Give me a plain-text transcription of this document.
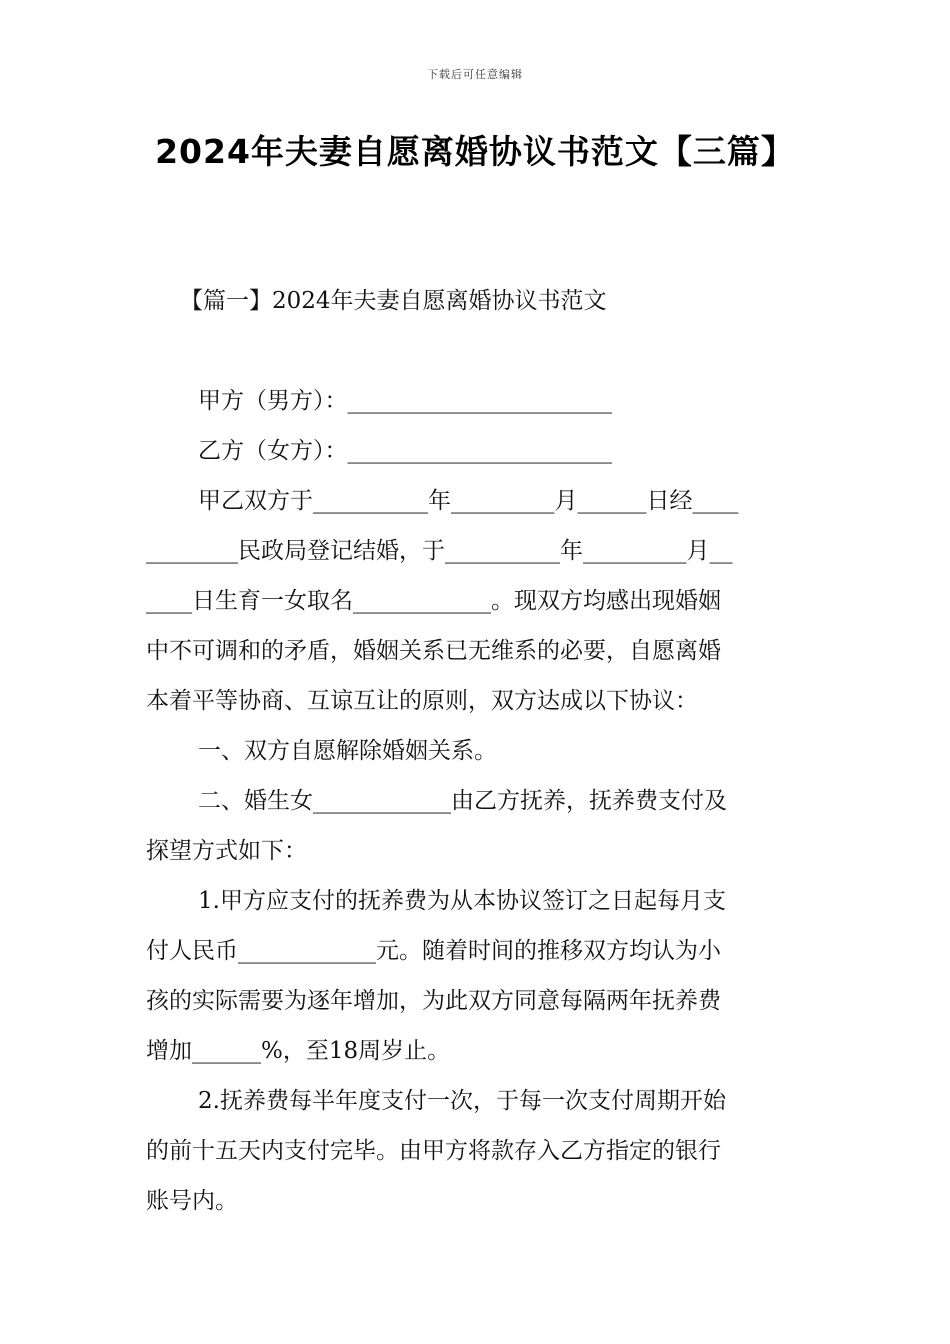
下载后可任意编辑
2024年夫妻自愿离婚协议书范文【三篇】
【篇一】2024年夫妻自愿离婚协议书范文
甲方（男方）：_______________________
乙方（女方）：_______________________
甲乙双方于__________年_________月______日经____
________民政局登记结婚，于__________年_________月__
____日生育一女取名____________。现双方均感出现婚姻
中不可调和的矛盾，婚姻关系已无维系的必要，自愿离婚
本着平等协商、互谅互让的原则，双方达成以下协议：
一、双方自愿解除婚姻关系。
二、婚生女____________由乙方抚养，抚养费支付及
探望方式如下：
1.甲方应支付的抚养费为从本协议签订之日起每月支
付人民币____________元。随着时间的推移双方均认为小
孩的实际需要为逐年增加，为此双方同意每隔两年抚养费
增加______%，至18周岁止。
2.抚养费每半年度支付一次，于每一次支付周期开始
的前十五天内支付完毕。由甲方将款存入乙方指定的银行
账号内。
